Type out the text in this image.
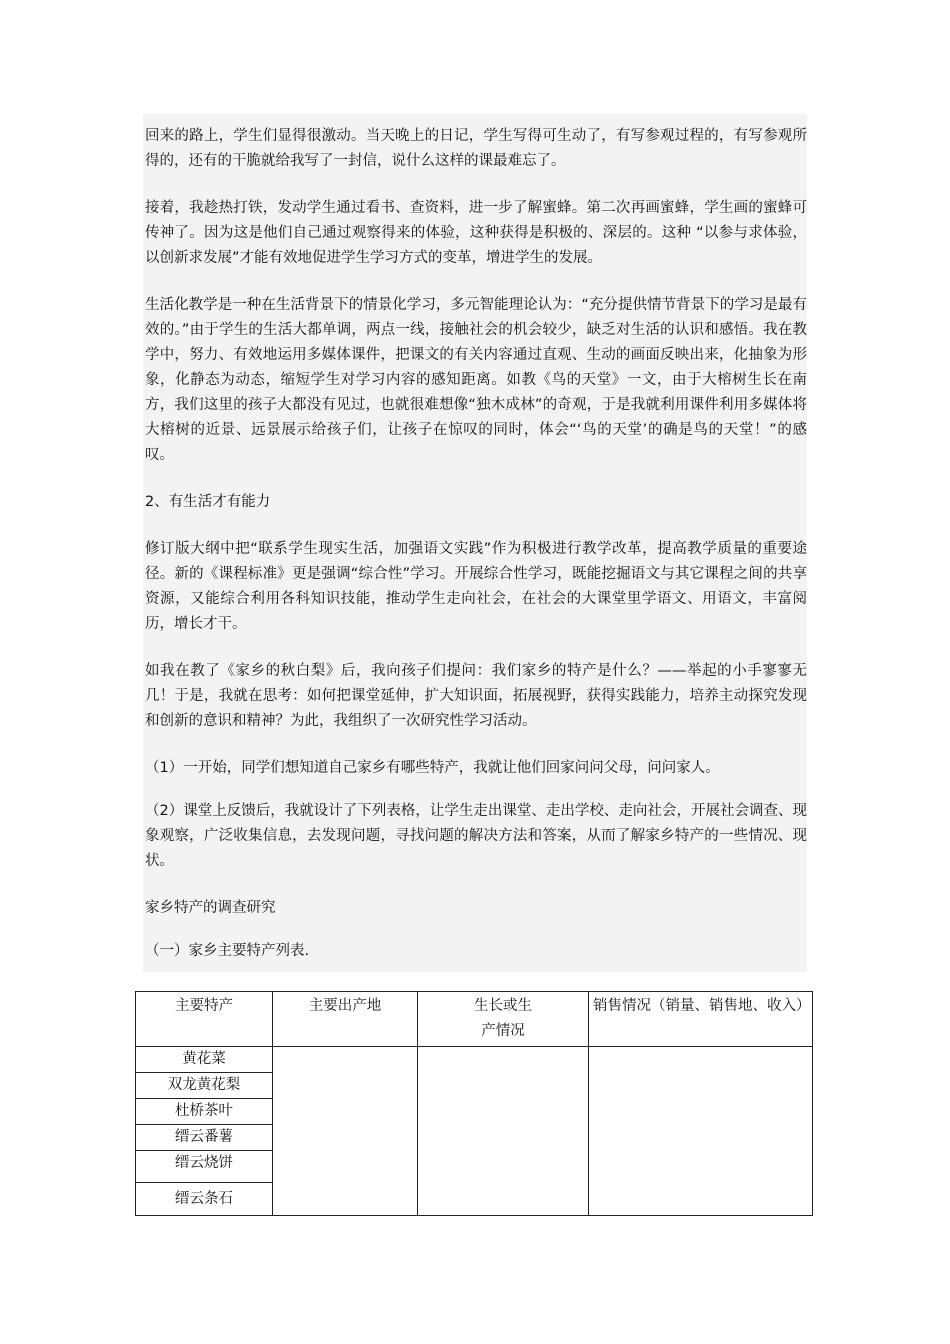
回来的路上，学生们显得很激动。当天晚上的日记，学生写得可生动了，有写参观过程的，有写参观所得的，还有的干脆就给我写了一封信，说什么这样的课最难忘了。

接着，我趁热打铁，发动学生通过看书、查资料，进一步了解蜜蜂。第二次再画蜜蜂，学生画的蜜蜂可传神了。因为这是他们自己通过观察得来的体验，这种获得是积极的、深层的。这种 “以参与求体验，以创新求发展”才能有效地促进学生学习方式的变革，增进学生的发展。

生活化教学是一种在生活背景下的情景化学习，多元智能理论认为：“充分提供情节背景下的学习是最有效的。”由于学生的生活大都单调，两点一线，接触社会的机会较少，缺乏对生活的认识和感悟。我在教学中，努力、有效地运用多媒体课件，把课文的有关内容通过直观、生动的画面反映出来，化抽象为形象，化静态为动态，缩短学生对学习内容的感知距离。如教《鸟的天堂》一文，由于大榕树生长在南方，我们这里的孩子大都没有见过，也就很难想像“独木成林”的奇观，于是我就利用课件利用多媒体将大榕树的近景、远景展示给孩子们，让孩子在惊叹的同时，体会“‘鸟的天堂’的确是鸟的天堂！”的感叹。

2、有生活才有能力

修订版大纲中把“联系学生现实生活，加强语文实践”作为积极进行教学改革，提高教学质量的重要途径。新的《课程标准》更是强调“综合性”学习。开展综合性学习，既能挖掘语文与其它课程之间的共享资源，又能综合利用各科知识技能，推动学生走向社会，在社会的大课堂里学语文、用语文，丰富阅历，增长才干。

如我在教了《家乡的秋白梨》后，我向孩子们提问：我们家乡的特产是什么？——举起的小手寥寥无几！于是，我就在思考：如何把课堂延伸，扩大知识面，拓展视野，获得实践能力，培养主动探究发现和创新的意识和精神？为此，我组织了一次研究性学习活动。

（1）一开始，同学们想知道自己家乡有哪些特产，我就让他们回家问问父母，问问家人。

（2）课堂上反馈后，我就设计了下列表格，让学生走出课堂、走出学校、走向社会，开展社会调查、现象观察，广泛收集信息，去发现问题，寻找问题的解决方法和答案，从而了解家乡特产的一些情况、现状。

家乡特产的调查研究

（一）家乡主要特产列表.

主要特产	主要出产地	生长或生
产情况	销售情况（销量、销售地、收入）
黄花菜			
双龙黄花梨			
杜桥茶叶			
缙云番薯			
缙云烧饼			
缙云条石			
